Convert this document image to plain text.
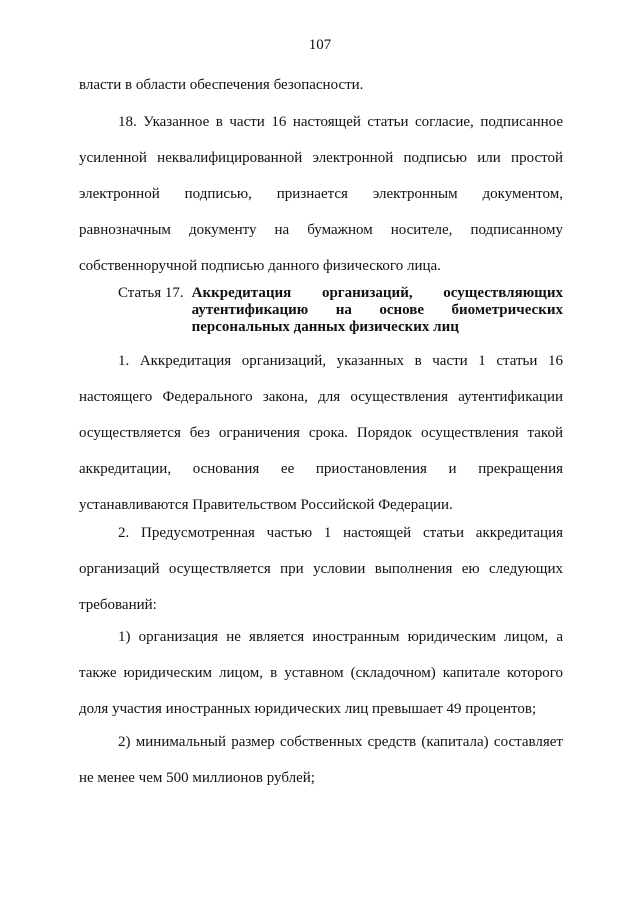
107
власти в области обеспечения безопасности.
18. Указанное в части 16 настоящей статьи согласие, подписанное
усиленной неквалифицированной электронной подписью или простой
электронной подписью, признается электронным документом,
равнозначным документу на бумажном носителе, подписанному
собственноручной подписью данного физического лица.
Статья 17. Аккредитация организаций, осуществляющих
аутентификацию на основе биометрических
персональных данных физических лиц
1. Аккредитация организаций, указанных в части 1 статьи 16
настоящего Федерального закона, для осуществления аутентификации
осуществляется без ограничения срока. Порядок осуществления такой
аккредитации, основания ее приостановления и прекращения
устанавливаются Правительством Российской Федерации.
2. Предусмотренная частью 1 настоящей статьи аккредитация
организаций осуществляется при условии выполнения ею следующих
требований:
1) организация не является иностранным юридическим лицом, а
также юридическим лицом, в уставном (складочном) капитале которого
доля участия иностранных юридических лиц превышает 49 процентов;
2) минимальный размер собственных средств (капитала) составляет
не менее чем 500 миллионов рублей;
